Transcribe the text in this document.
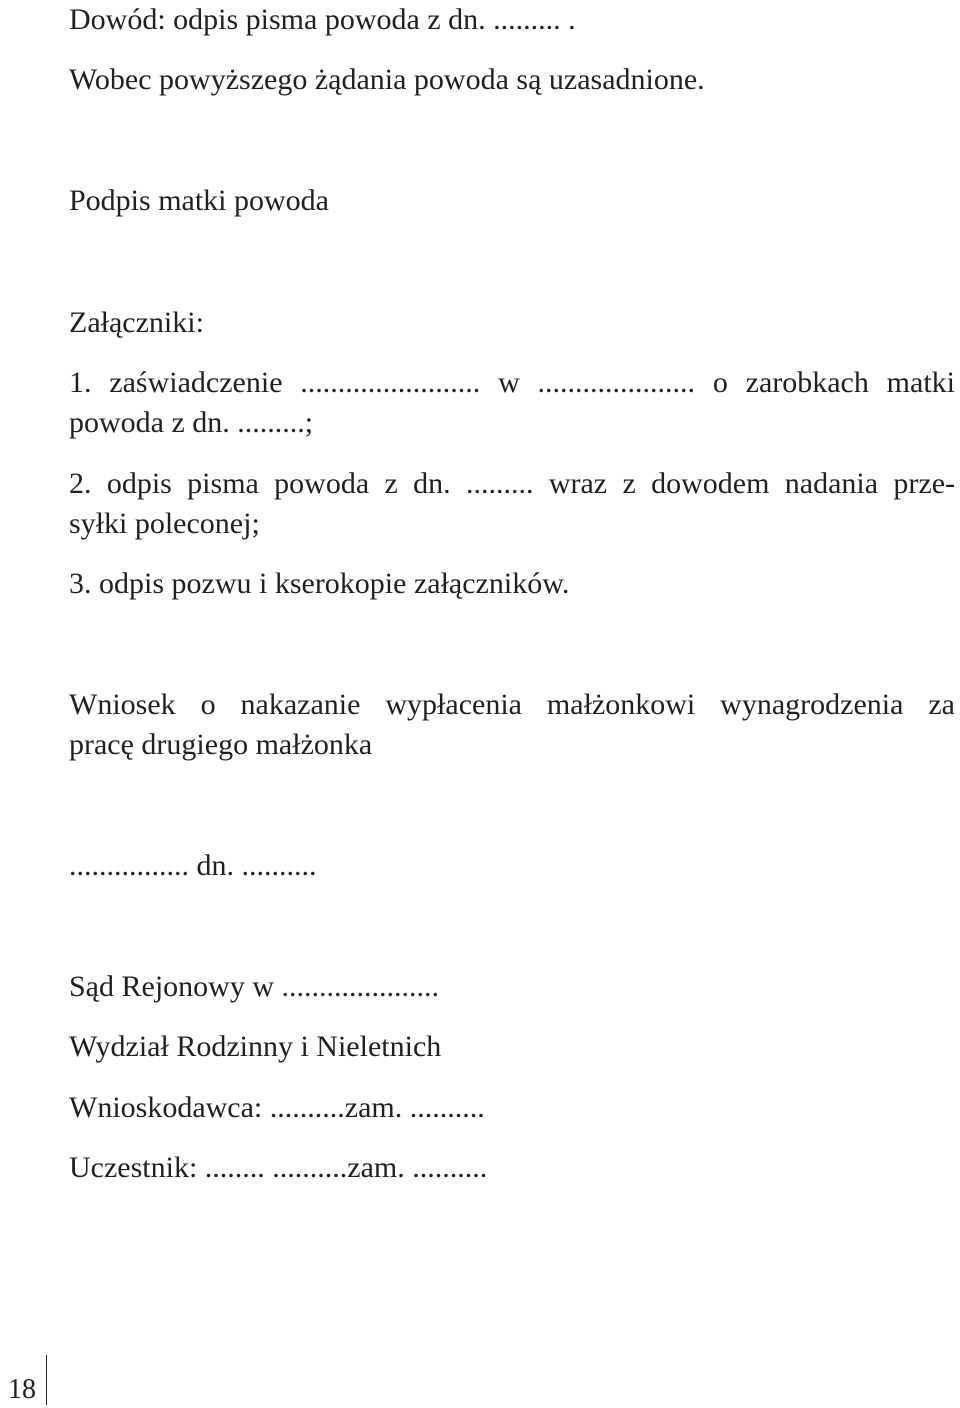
Dowód: odpis pisma powoda z dn. ......... .

Wobec powyższego żądania powoda są uzasadnione.

Podpis matki powoda

Załączniki:

1. zaświadczenie ........................ w ..................... o zarobkach matki

powoda z dn. .........;

2. odpis pisma powoda z dn. ......... wraz z dowodem nadania prze-

syłki poleconej;

3. odpis pozwu i kserokopie załączników.

Wniosek o nakazanie wypłacenia małżonkowi wynagrodzenia za

pracę drugiego małżonka

................ dn. ..........

Sąd Rejonowy w .....................

Wydział Rodzinny i Nieletnich

Wnioskodawca: ..........zam. ..........

Uczestnik: ........ ..........zam. ..........

18
